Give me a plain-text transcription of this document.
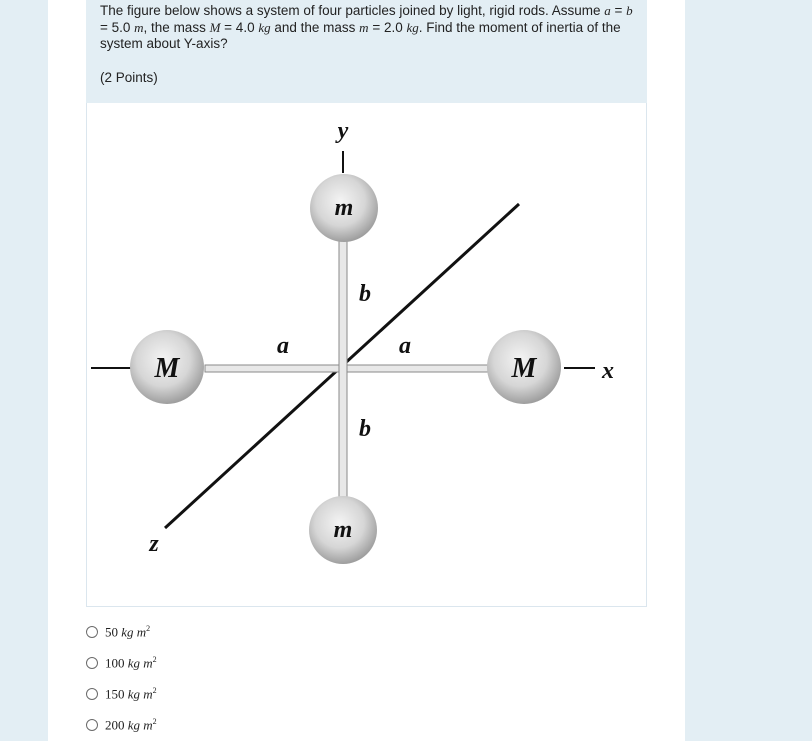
The figure below shows a system of four particles joined by light, rigid rods. Assume a = b = 5.0 m, the mass M = 4.0 kg and the mass m = 2.0 kg. Find the moment of inertia of the system about Y-axis?
(2 Points)
y
x
z
m
m
M	M
b
b
a	a
50 kg $m^2$
100 kg $m^2$
150 kg $m^2$
200 kg $m^2$
